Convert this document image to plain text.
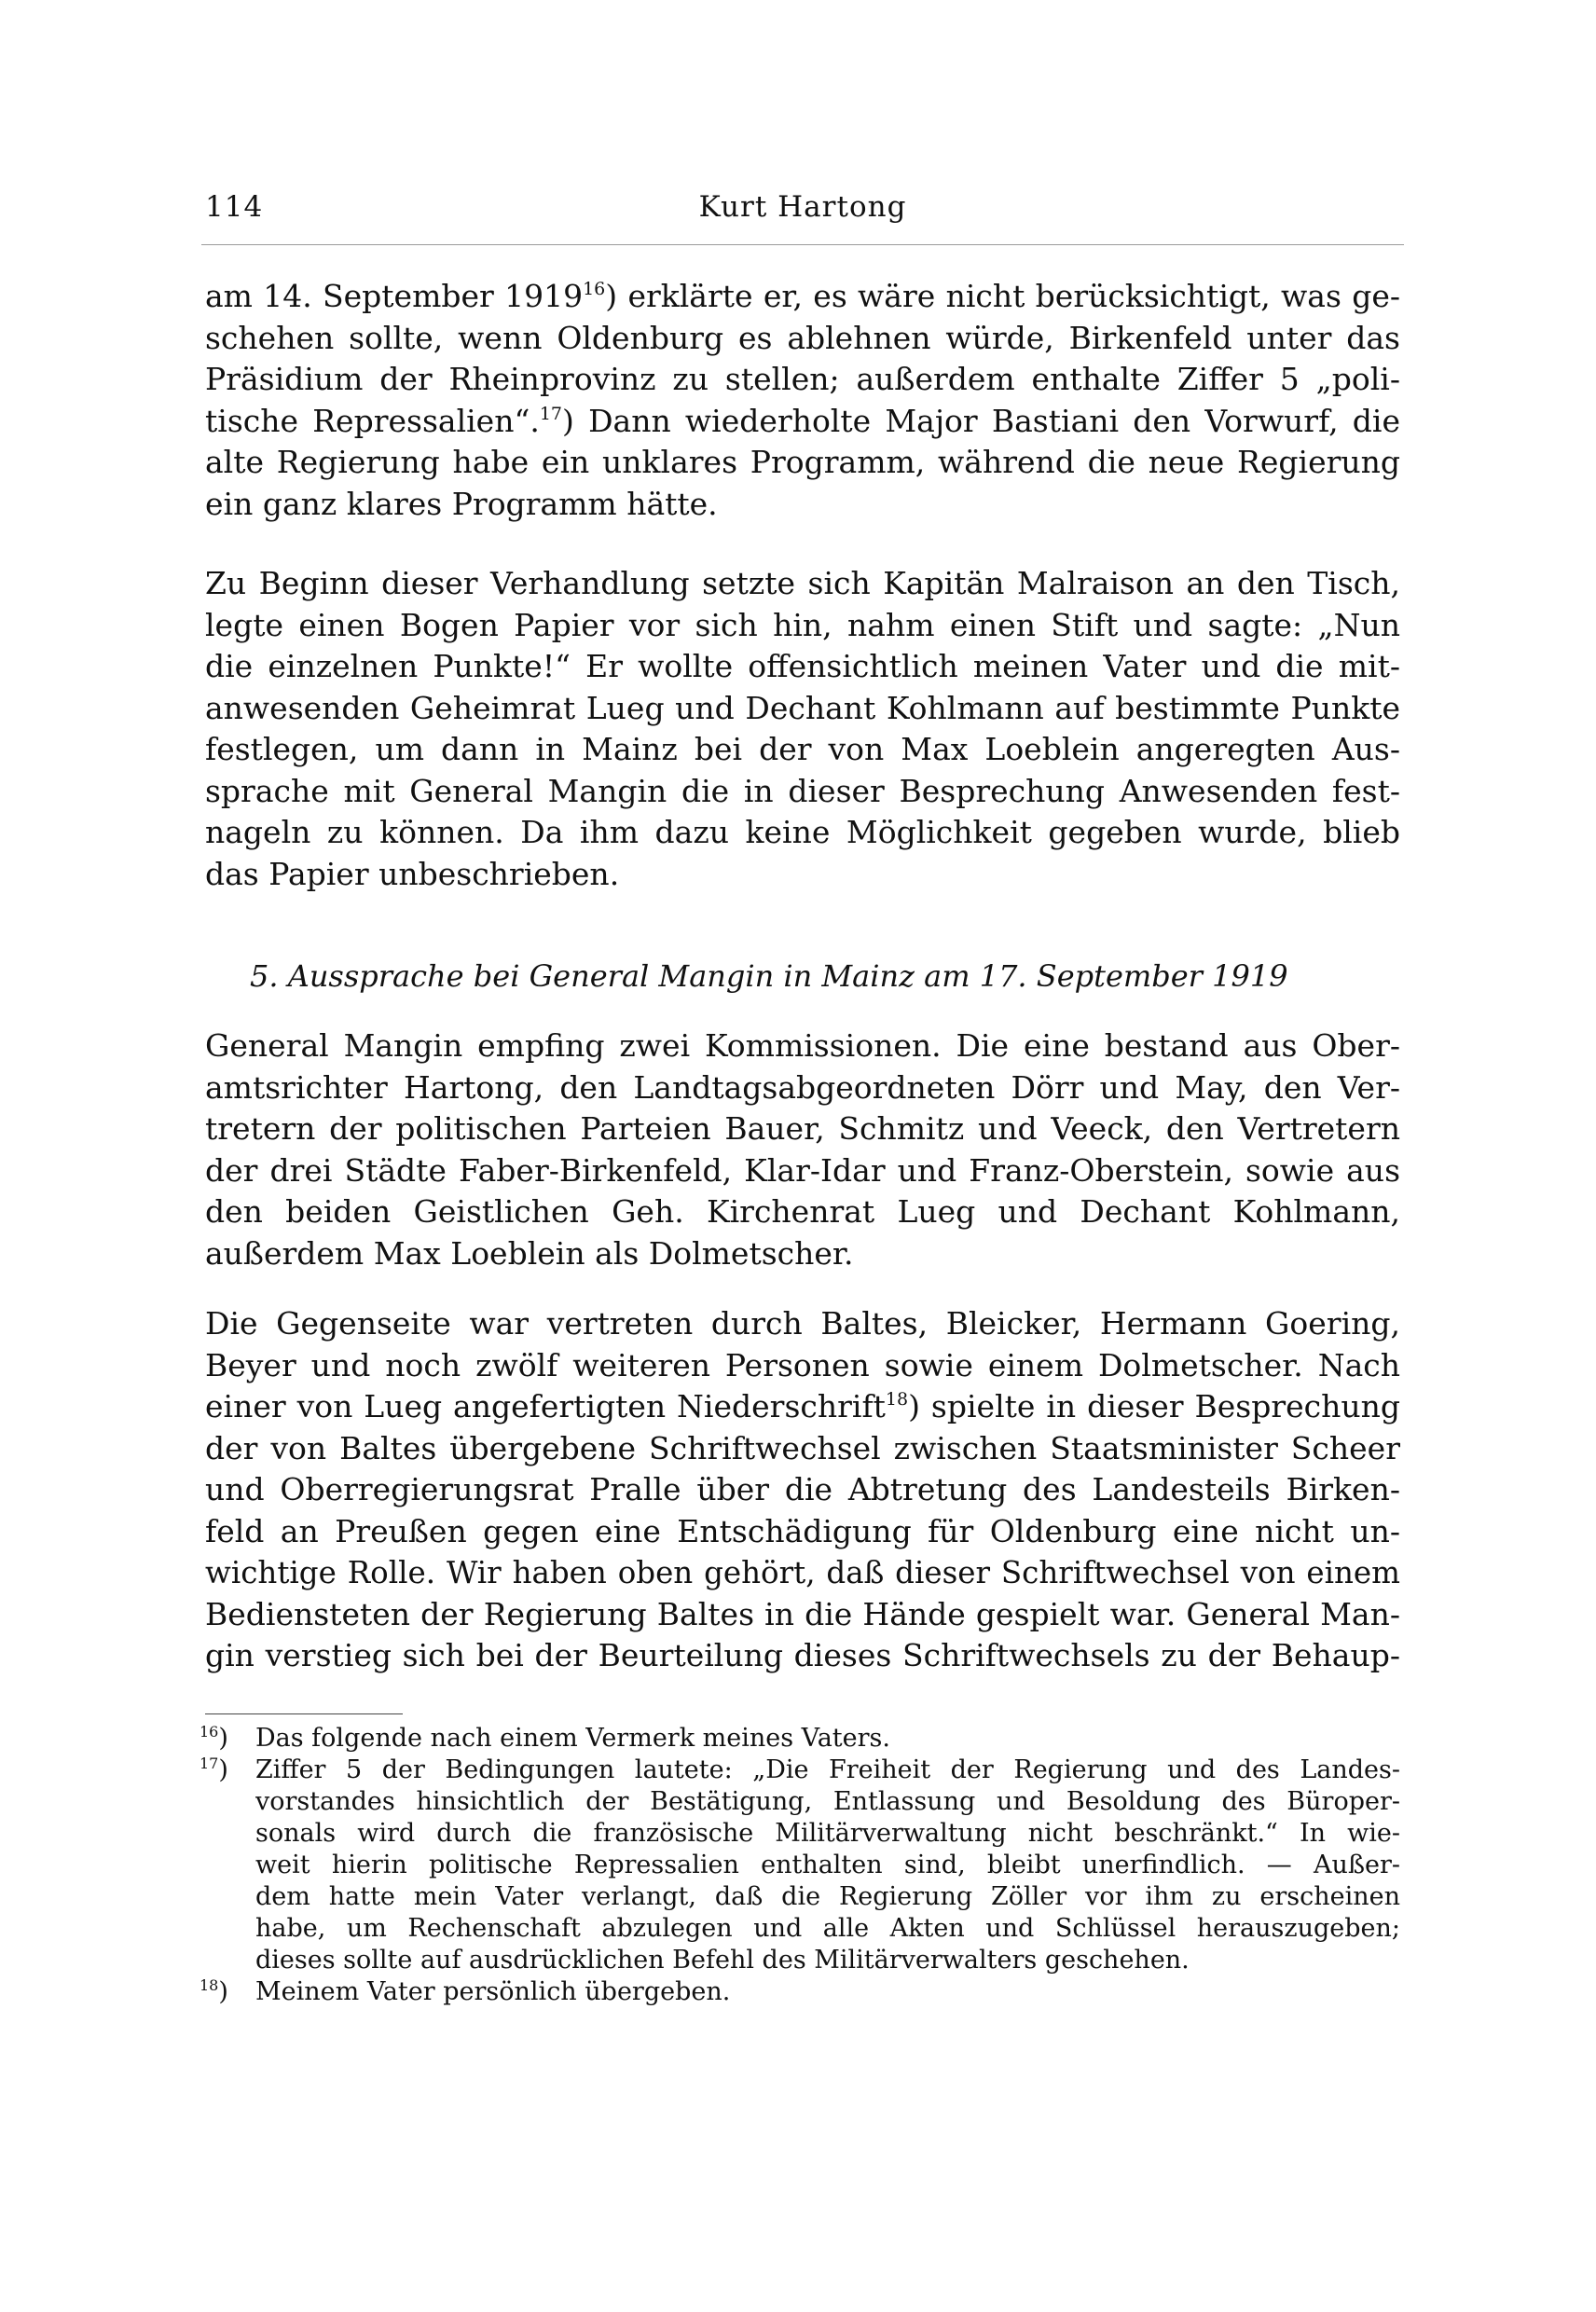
114	Kurt Hartong
am 14. September 1919$^{16}$) erklärte er, es wäre nicht berücksichtigt, was ge-
schehen sollte, wenn Oldenburg es ablehnen würde, Birkenfeld unter das
Präsidium der Rheinprovinz zu stellen; außerdem enthalte Ziffer 5 „poli-
tische Repressalien“.$^{17}$) Dann wiederholte Major Bastiani den Vorwurf, die
alte Regierung habe ein unklares Programm, während die neue Regierung
ein ganz klares Programm hätte.
Zu Beginn dieser Verhandlung setzte sich Kapitän Malraison an den Tisch,
legte einen Bogen Papier vor sich hin, nahm einen Stift und sagte: „Nun
die einzelnen Punkte!“ Er wollte offensichtlich meinen Vater und die mit-
anwesenden Geheimrat Lueg und Dechant Kohlmann auf bestimmte Punkte
festlegen, um dann in Mainz bei der von Max Loeblein angeregten Aus-
sprache mit General Mangin die in dieser Besprechung Anwesenden fest-
nageln zu können. Da ihm dazu keine Möglichkeit gegeben wurde, blieb
das Papier unbeschrieben.
5. Aussprache bei General Mangin in Mainz am 17. September 1919
General Mangin empfing zwei Kommissionen. Die eine bestand aus Ober-
amtsrichter Hartong, den Landtagsabgeordneten Dörr und May, den Ver-
tretern der politischen Parteien Bauer, Schmitz und Veeck, den Vertretern
der drei Städte Faber-Birkenfeld, Klar-Idar und Franz-Oberstein, sowie aus
den beiden Geistlichen Geh. Kirchenrat Lueg und Dechant Kohlmann,
außerdem Max Loeblein als Dolmetscher.
Die Gegenseite war vertreten durch Baltes, Bleicker, Hermann Goering,
Beyer und noch zwölf weiteren Personen sowie einem Dolmetscher. Nach
einer von Lueg angefertigten Niederschrift$^{18}$) spielte in dieser Besprechung
der von Baltes übergebene Schriftwechsel zwischen Staatsminister Scheer
und Oberregierungsrat Pralle über die Abtretung des Landesteils Birken-
feld an Preußen gegen eine Entschädigung für Oldenburg eine nicht un-
wichtige Rolle. Wir haben oben gehört, daß dieser Schriftwechsel von einem
Bediensteten der Regierung Baltes in die Hände gespielt war. General Man-
gin verstieg sich bei der Beurteilung dieses Schriftwechsels zu der Behaup-
$^{16}$) Das folgende nach einem Vermerk meines Vaters.
$^{17}$) Ziffer 5 der Bedingungen lautete: „Die Freiheit der Regierung und des Landes-
vorstandes hinsichtlich der Bestätigung, Entlassung und Besoldung des Büroper-
sonals wird durch die französische Militärverwaltung nicht beschränkt.“ In wie-
weit hierin politische Repressalien enthalten sind, bleibt unerfindlich. — Außer-
dem hatte mein Vater verlangt, daß die Regierung Zöller vor ihm zu erscheinen
habe, um Rechenschaft abzulegen und alle Akten und Schlüssel herauszugeben;
dieses sollte auf ausdrücklichen Befehl des Militärverwalters geschehen.
$^{18}$) Meinem Vater persönlich übergeben.
